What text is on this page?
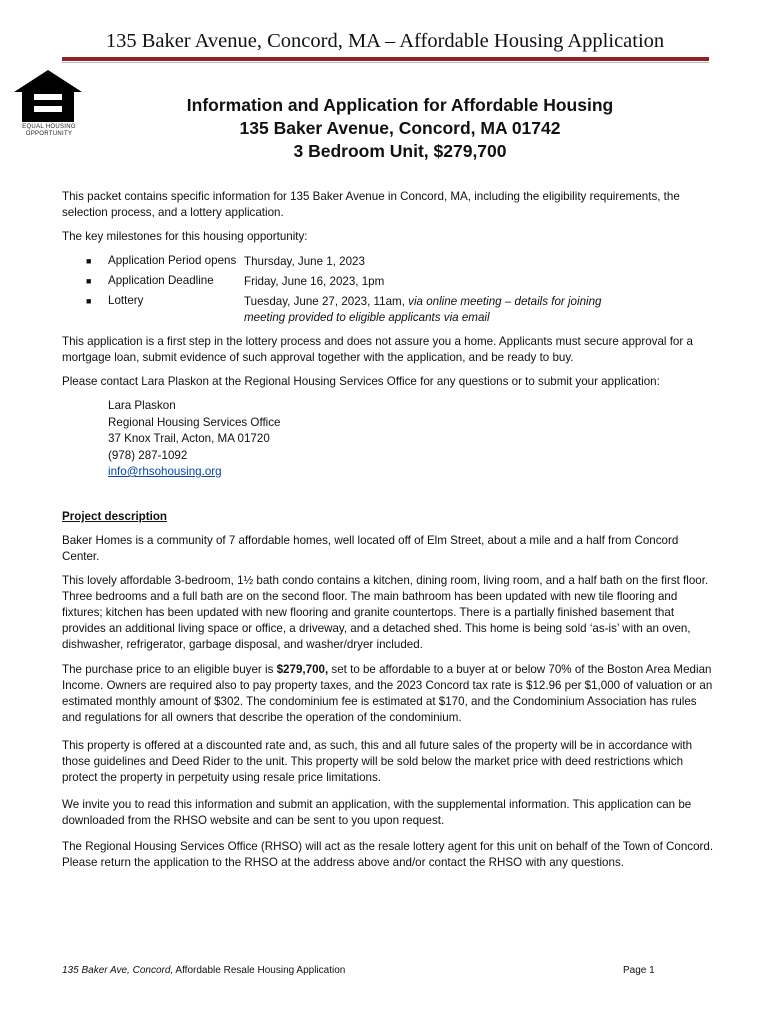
135 Baker Avenue, Concord, MA – Affordable Housing Application
EQUAL HOUSING OPPORTUNITY
Information and Application for Affordable Housing
135 Baker Avenue, Concord, MA 01742
3 Bedroom Unit, $279,700
This packet contains specific information for 135 Baker Avenue in Concord, MA, including the eligibility requirements, the selection process, and a lottery application.
The key milestones for this housing opportunity:
■ Application Period opens Thursday, June 1, 2023
■ Application Deadline	Friday, June 16, 2023, 1pm
■ Lottery	Tuesday, June 27, 2023, 11am, via online meeting – details for joining meeting provided to eligible applicants via email
This application is a first step in the lottery process and does not assure you a home. Applicants must secure approval for a mortgage loan, submit evidence of such approval together with the application, and be ready to buy.
Please contact Lara Plaskon at the Regional Housing Services Office for any questions or to submit your application:
Lara Plaskon
Regional Housing Services Office
37 Knox Trail, Acton, MA 01720
(978) 287-1092
info@rhsohousing.org
Project description
Baker Homes is a community of 7 affordable homes, well located off of Elm Street, about a mile and a half from Concord Center.
This lovely affordable 3-bedroom, 1½ bath condo contains a kitchen, dining room, living room, and a half bath on the first floor. Three bedrooms and a full bath are on the second floor. The main bathroom has been updated with new tile flooring and fixtures; kitchen has been updated with new flooring and granite countertops. There is a partially finished basement that provides an additional living space or office, a driveway, and a detached shed. This home is being sold ‘as-is’ with an oven, dishwasher, refrigerator, garbage disposal, and washer/dryer included.
The purchase price to an eligible buyer is $279,700, set to be affordable to a buyer at or below 70% of the Boston Area Median Income. Owners are required also to pay property taxes, and the 2023 Concord tax rate is $12.96 per $1,000 of valuation or an estimated monthly amount of $302. The condominium fee is estimated at $170, and the Condominium Association has rules and regulations for all owners that describe the operation of the condominium.
This property is offered at a discounted rate and, as such, this and all future sales of the property will be in accordance with those guidelines and Deed Rider to the unit. This property will be sold below the market price with deed restrictions which protect the property in perpetuity using resale price limitations.
We invite you to read this information and submit an application, with the supplemental information. This application can be downloaded from the RHSO website and can be sent to you upon request.
The Regional Housing Services Office (RHSO) will act as the resale lottery agent for this unit on behalf of the Town of Concord. Please return the application to the RHSO at the address above and/or contact the RHSO with any questions.
135 Baker Ave, Concord, Affordable Resale Housing Application	Page 1
